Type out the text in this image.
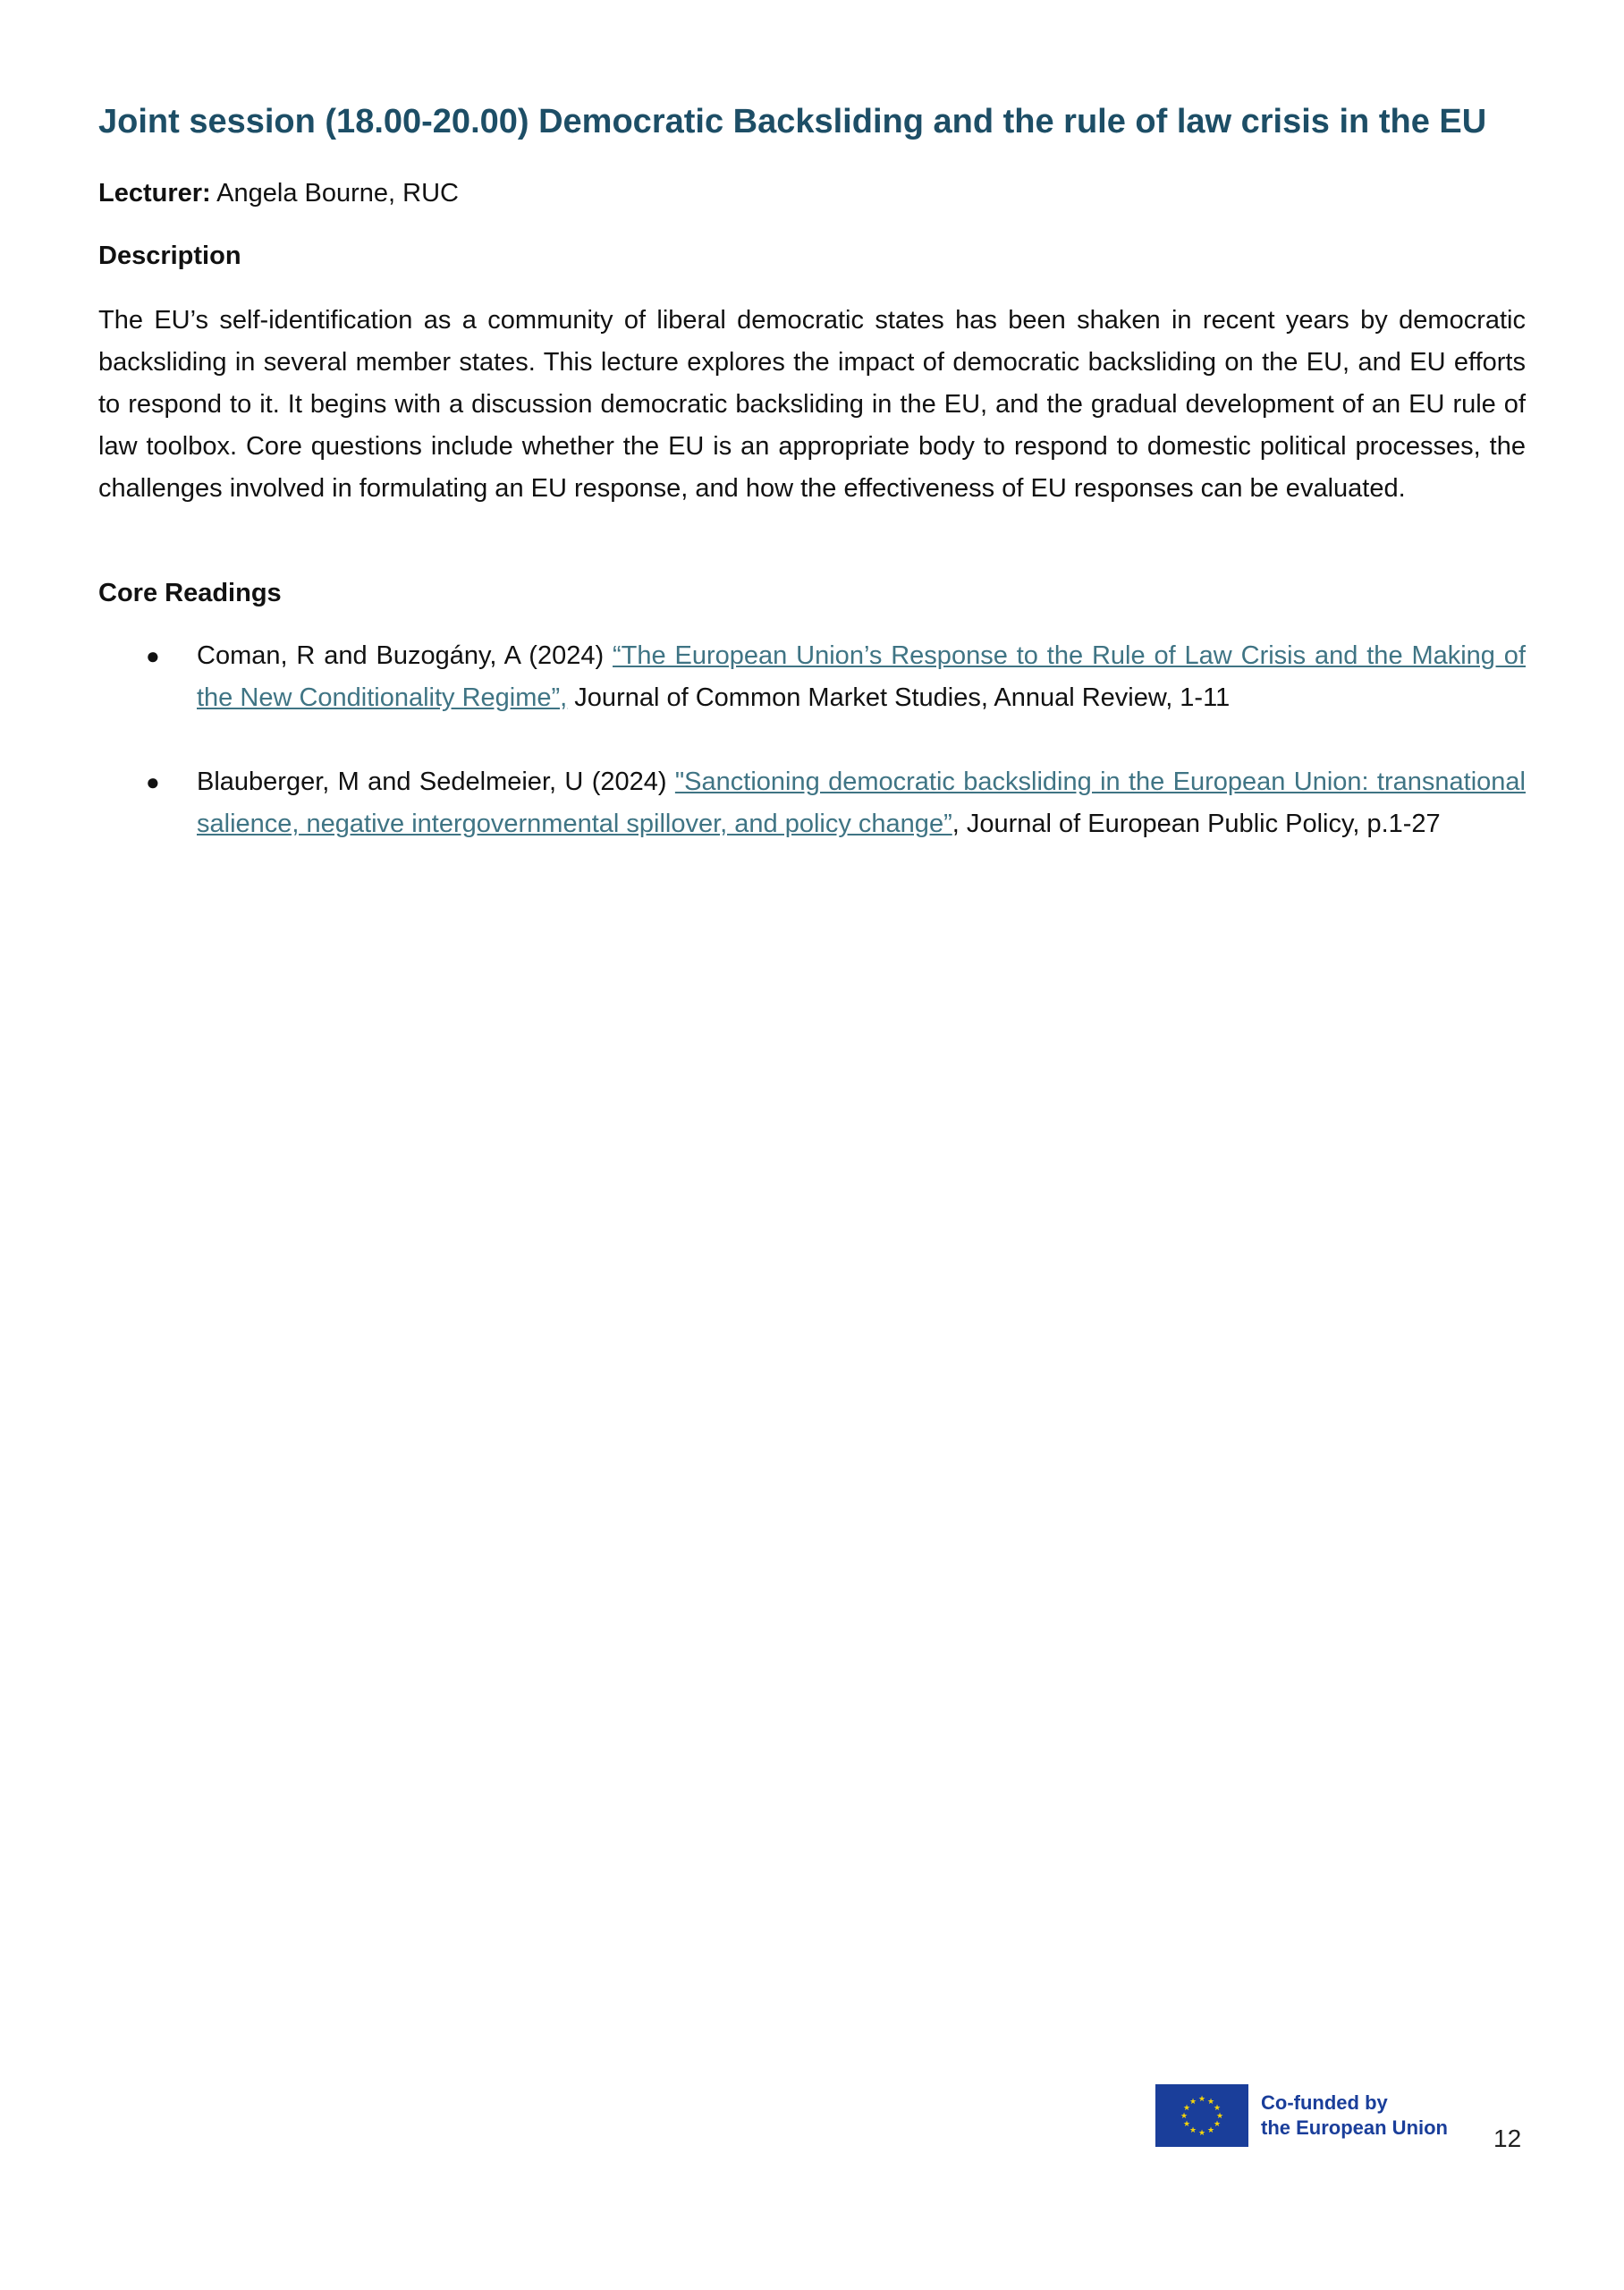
Joint session (18.00-20.00) Democratic Backsliding and the rule of law crisis in the EU
Lecturer: Angela Bourne, RUC
Description

The EU’s self-identification as a community of liberal democratic states has been shaken in recent years by democratic backsliding in several member states. This lecture explores the impact of democratic backsliding on the EU, and EU efforts to respond to it. It begins with a discussion democratic backsliding in the EU, and the gradual development of an EU rule of law toolbox. Core questions include whether the EU is an appropriate body to respond to domestic political processes, the challenges involved in formulating an EU response, and how the effectiveness of EU responses can be evaluated.

Core Readings
● Coman, R and Buzogány, A (2024) “The European Union’s Response to the Rule of Law Crisis and the Making of the New Conditionality Regime”, Journal of Common Market Studies, Annual Review, 1-11
● Blauberger, M and Sedelmeier, U (2024) "Sanctioning democratic backsliding in the European Union: transnational salience, negative intergovernmental spillover, and policy change”, Journal of European Public Policy, p.1-27
★ ★
★
★
★
★
★
★
★
★
★
★	Co-funded by
the European Union 12
